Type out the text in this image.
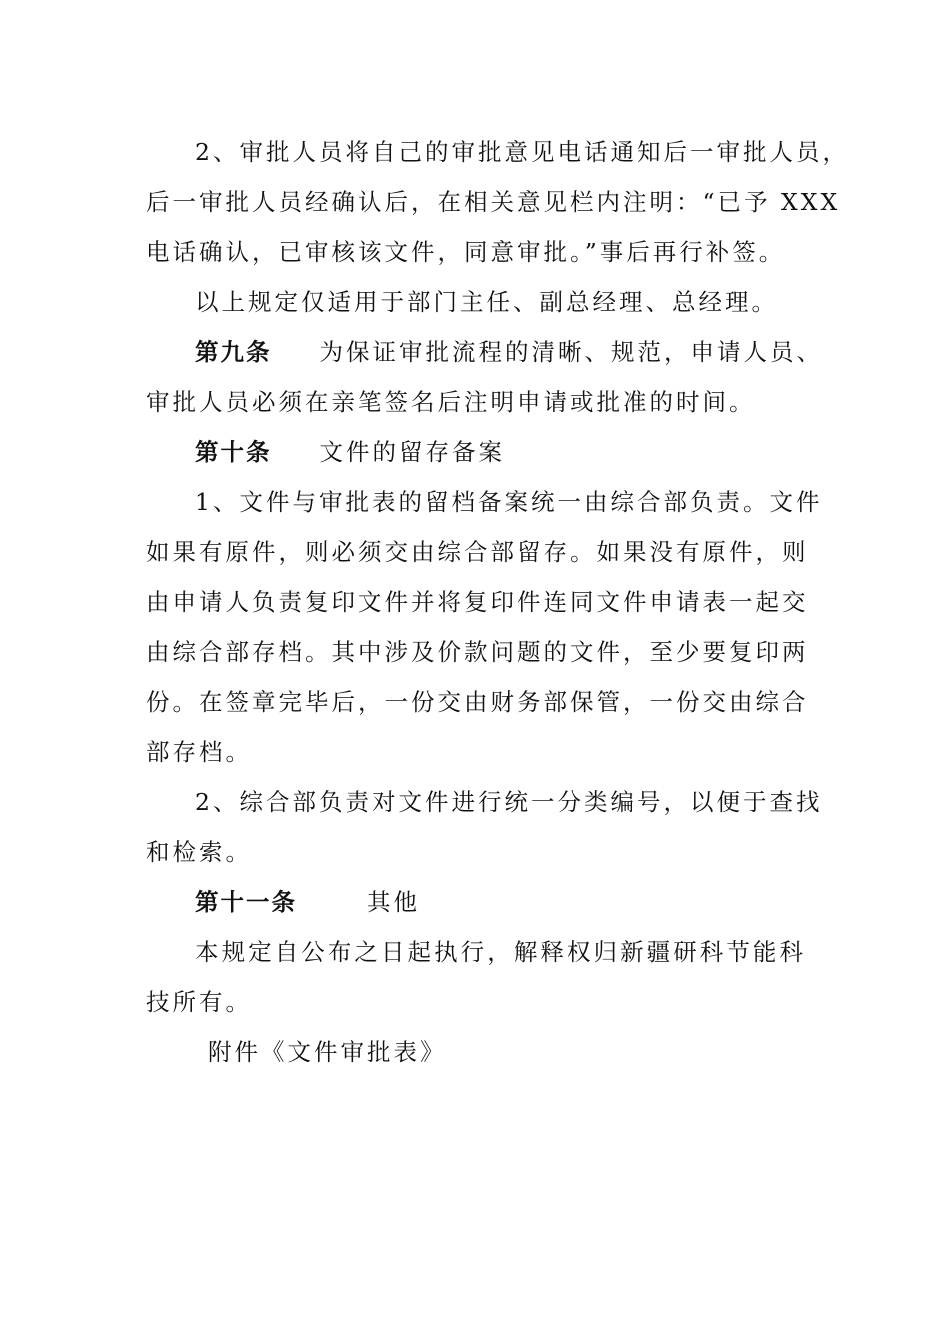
2、审批人员将自己的审批意见电话通知后一审批人员，
后一审批人员经确认后，在相关意见栏内注明：“已予 XXX
电话确认，已审核该文件，同意审批。”事后再行补签。
以上规定仅适用于部门主任、副总经理、总经理。
第九条 为保证审批流程的清晰、规范，申请人员、
审批人员必须在亲笔签名后注明申请或批准的时间。
第十条 文件的留存备案
1、文件与审批表的留档备案统一由综合部负责。文件
如果有原件，则必须交由综合部留存。如果没有原件，则
由申请人负责复印文件并将复印件连同文件申请表一起交
由综合部存档。其中涉及价款问题的文件，至少要复印两
份。在签章完毕后，一份交由财务部保管，一份交由综合
部存档。
2、综合部负责对文件进行统一分类编号，以便于查找
和检索。
第十一条	其他
本规定自公布之日起执行，解释权归新疆研科节能科
技所有。
附件《文件审批表》
